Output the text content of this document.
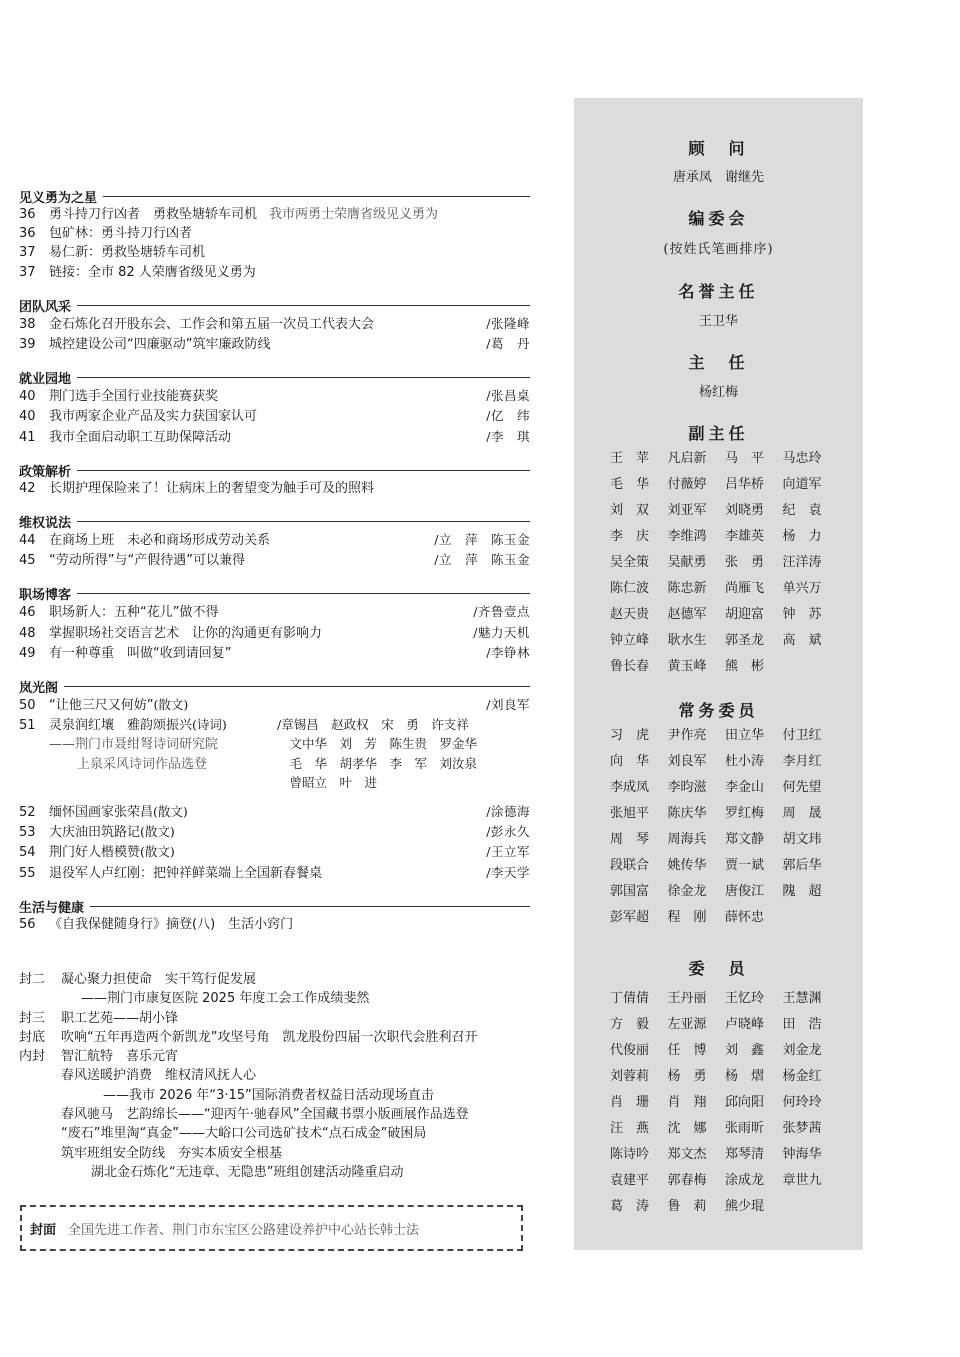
见义勇为之星
36	勇斗持刀行凶者　勇救坠塘轿车司机 我市两勇士荣膺省级见义勇为
36	包矿林：勇斗持刀行凶者
37	易仁新：勇救坠塘轿车司机
37	链接：全市 82 人荣膺省级见义勇为
团队风采
38	金石炼化召开股东会、工作会和第五届一次员工代表大会	/张隆峰
39	城控建设公司“四廉驱动”筑牢廉政防线	/葛　丹
就业园地
40	荆门选手全国行业技能赛获奖	/张昌桌
40	我市两家企业产品及实力获国家认可	/亿　纬
41	我市全面启动职工互助保障活动	/李　琪
政策解析
42	长期护理保险来了！让病床上的奢望变为触手可及的照料
维权说法
44	在商场上班　未必和商场形成劳动关系	/立　萍　陈玉金
45	“劳动所得”与“产假待遇”可以兼得	/立　萍　陈玉金
职场博客
46	职场新人：五种“花儿”做不得	/齐鲁壹点
48	掌握职场社交语言艺术　让你的沟通更有影响力	/魅力天机
49	有一种尊重　叫做“收到请回复”	/李铮林
岚光阁
50	“让他三尺又何妨”(散文)	/刘良军
51	灵泉润红壤　雅韵颂振兴(诗词)
——荆门市聂绀弩诗词研究院
上泉采风诗词作品选登
/章锡昌　赵政权　宋　勇　许支祥
　文中华　刘　芳　陈生贵　罗金华
　毛　华　胡孝华　李　军　刘汝泉
　曾昭立　叶　进
52	缅怀国画家张荣昌(散文)	/涂德海
53	大庆油田筑路记(散文)	/彭永久
54	荆门好人楷模赞(散文)	/王立军
55	退役军人卢红刚：把钟祥鲜菜端上全国新春餐桌	/李天学
生活与健康
56	《自我保健随身行》摘登(八)　生活小窍门
封二	凝心聚力担使命　实干笃行促发展
——荆门市康复医院 2025 年度工会工作成绩斐然
封三	职工艺苑——胡小锋
封底	吹响“五年再造两个新凯龙”攻坚号角　凯龙股份四届一次职代会胜利召开
内封	智汇航特　喜乐元宵
春风送暖护消费　维权清风抚人心
——我市 2026 年“3·15”国际消费者权益日活动现场直击
春风驰马　艺韵绵长——“迎丙午·驰春风”全国藏书票小版画展作品选登
“废石”堆里淘“真金”——大峪口公司选矿技术“点石成金”破困局
筑牢班组安全防线　夯实本质安全根基
湖北金石炼化“无违章、无隐患”班组创建活动隆重启动
封面 全国先进工作者、荆门市东宝区公路建设养护中心站长韩士法
顾　问
唐承凤　谢继先
编委会
(按姓氏笔画排序)
名誉主任
王卫华
主　任
杨红梅
副主任
王　苹	凡启新	马　平	马忠玲
毛　华	付薇婷	吕华桥	向道军
刘　双	刘亚军	刘晓勇	纪　袁
李　庆	李维鸿	李雄英	杨　力
吴全策	吴献勇	张　勇	汪洋涛
陈仁波	陈忠新	尚雁飞	单兴万
赵天贵	赵德军	胡迎富	钟　苏
钟立峰	耿水生	郭圣龙	高　斌
鲁长春	黄玉峰	熊　彬
常务委员
习　虎	尹作亮	田立华	付卫红
向　华	刘良军	杜小涛	李月红
李成凤	李昀滋	李金山	何先望
张旭平	陈庆华	罗红梅	周　晟
周　琴	周海兵	郑文静	胡文玮
段联合	姚传华	贾一斌	郭后华
郭国富	徐金龙	唐俊江	隗　超
彭军超	程　刚	薛怀忠
委　员
丁倩倩	王丹丽	王忆玲	王慧渊
方　毅	左亚源	卢晓峰	田　浩
代俊丽	任　博	刘　鑫	刘金龙
刘蓉莉	杨　勇	杨　熠	杨金红
肖　珊	肖　翔	邱向阳	何玲玲
汪　燕	沈　娜	张雨昕	张梦茜
陈诗吟	郑文杰	郑琴清	钟海华
袁建平	郭春梅	涂成龙	章世九
葛　涛	鲁　莉	熊少琨
